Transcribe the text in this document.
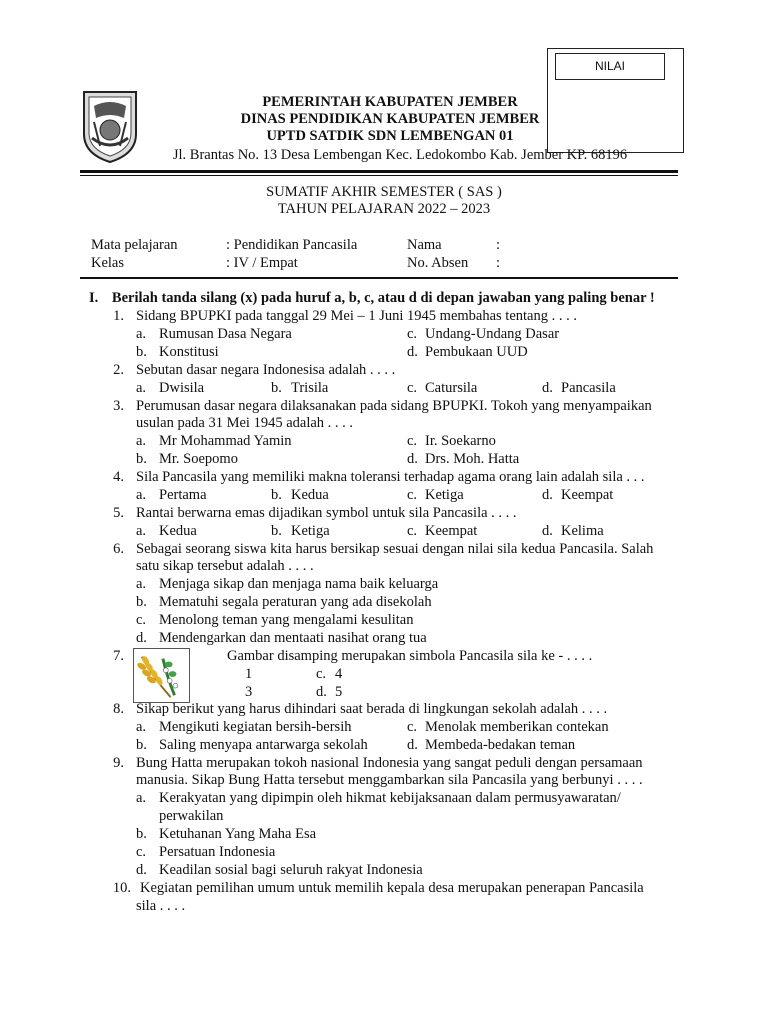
NILAI
PEMERINTAH KABUPATEN JEMBER
DINAS PENDIDIKAN KABUPATEN JEMBER
UPTD SATDIK SDN LEMBENGAN 01
Jl. Brantas No. 13 Desa Lembengan Kec. Ledokombo Kab. Jember KP. 68196
SUMATIF AKHIR SEMESTER ( SAS )
TAHUN PELAJARAN 2022 – 2023
Mata pelajaran	: Pendidikan Pancasila	Nama	:
Kelas	: IV / Empat	No. Absen :
I. Berilah tanda silang (x) pada huruf a, b, c, atau d di depan jawaban yang paling benar !
1. Sidang BPUPKI pada tanggal 29 Mei – 1 Juni 1945 membahas tentang . . . .
a. Rumusan Dasa Negara	c. Undang-Undang Dasar
b. Konstitusi	d. Pembukaan UUD
2. Sebutan dasar negara Indonesisa adalah . . . .
a. Dwisila	b. Trisila	c. Catursila	d. Pancasila
3. Perumusan dasar negara dilaksanakan pada sidang BPUPKI. Tokoh yang menyampaikan
usulan pada 31 Mei 1945 adalah . . . .
a. Mr Mohammad Yamin	c. Ir. Soekarno
b. Mr. Soepomo	d. Drs. Moh. Hatta
4. Sila Pancasila yang memiliki makna toleransi terhadap agama orang lain adalah sila . . .
a. Pertama	b. Kedua	c. Ketiga	d. Keempat
5. Rantai berwarna emas dijadikan symbol untuk sila Pancasila . . . .
a. Kedua	b. Ketiga	c. Keempat	d. Kelima
6. Sebagai seorang siswa kita harus bersikap sesuai dengan nilai sila kedua Pancasila. Salah
satu sikap tersebut adalah . . . .
a. Menjaga sikap dan menjaga nama baik keluarga
b. Mematuhi segala peraturan yang ada disekolah
c. Menolong teman yang mengalami kesulitan
d. Mendengarkan dan mentaati nasihat orang tua
7.	Gambar disamping merupakan simbola Pancasila sila ke - . . . .
a.	1	c. 4
b.	3	d. 5
8. Sikap berikut yang harus dihindari saat berada di lingkungan sekolah adalah . . . .
a. Mengikuti kegiatan bersih-bersih	c. Menolak memberikan contekan
b. Saling menyapa antarwarga sekolah	d. Membeda-bedakan teman
9. Bung Hatta merupakan tokoh nasional Indonesia yang sangat peduli dengan persamaan
manusia. Sikap Bung Hatta tersebut menggambarkan sila Pancasila yang berbunyi . . . .
a. Kerakyatan yang dipimpin oleh hikmat kebijaksanaan dalam permusyawaratan/
perwakilan
b. Ketuhanan Yang Maha Esa
c. Persatuan Indonesia
d. Keadilan sosial bagi seluruh rakyat Indonesia
10. Kegiatan pemilihan umum untuk memilih kepala desa merupakan penerapan Pancasila
sila . . . .
